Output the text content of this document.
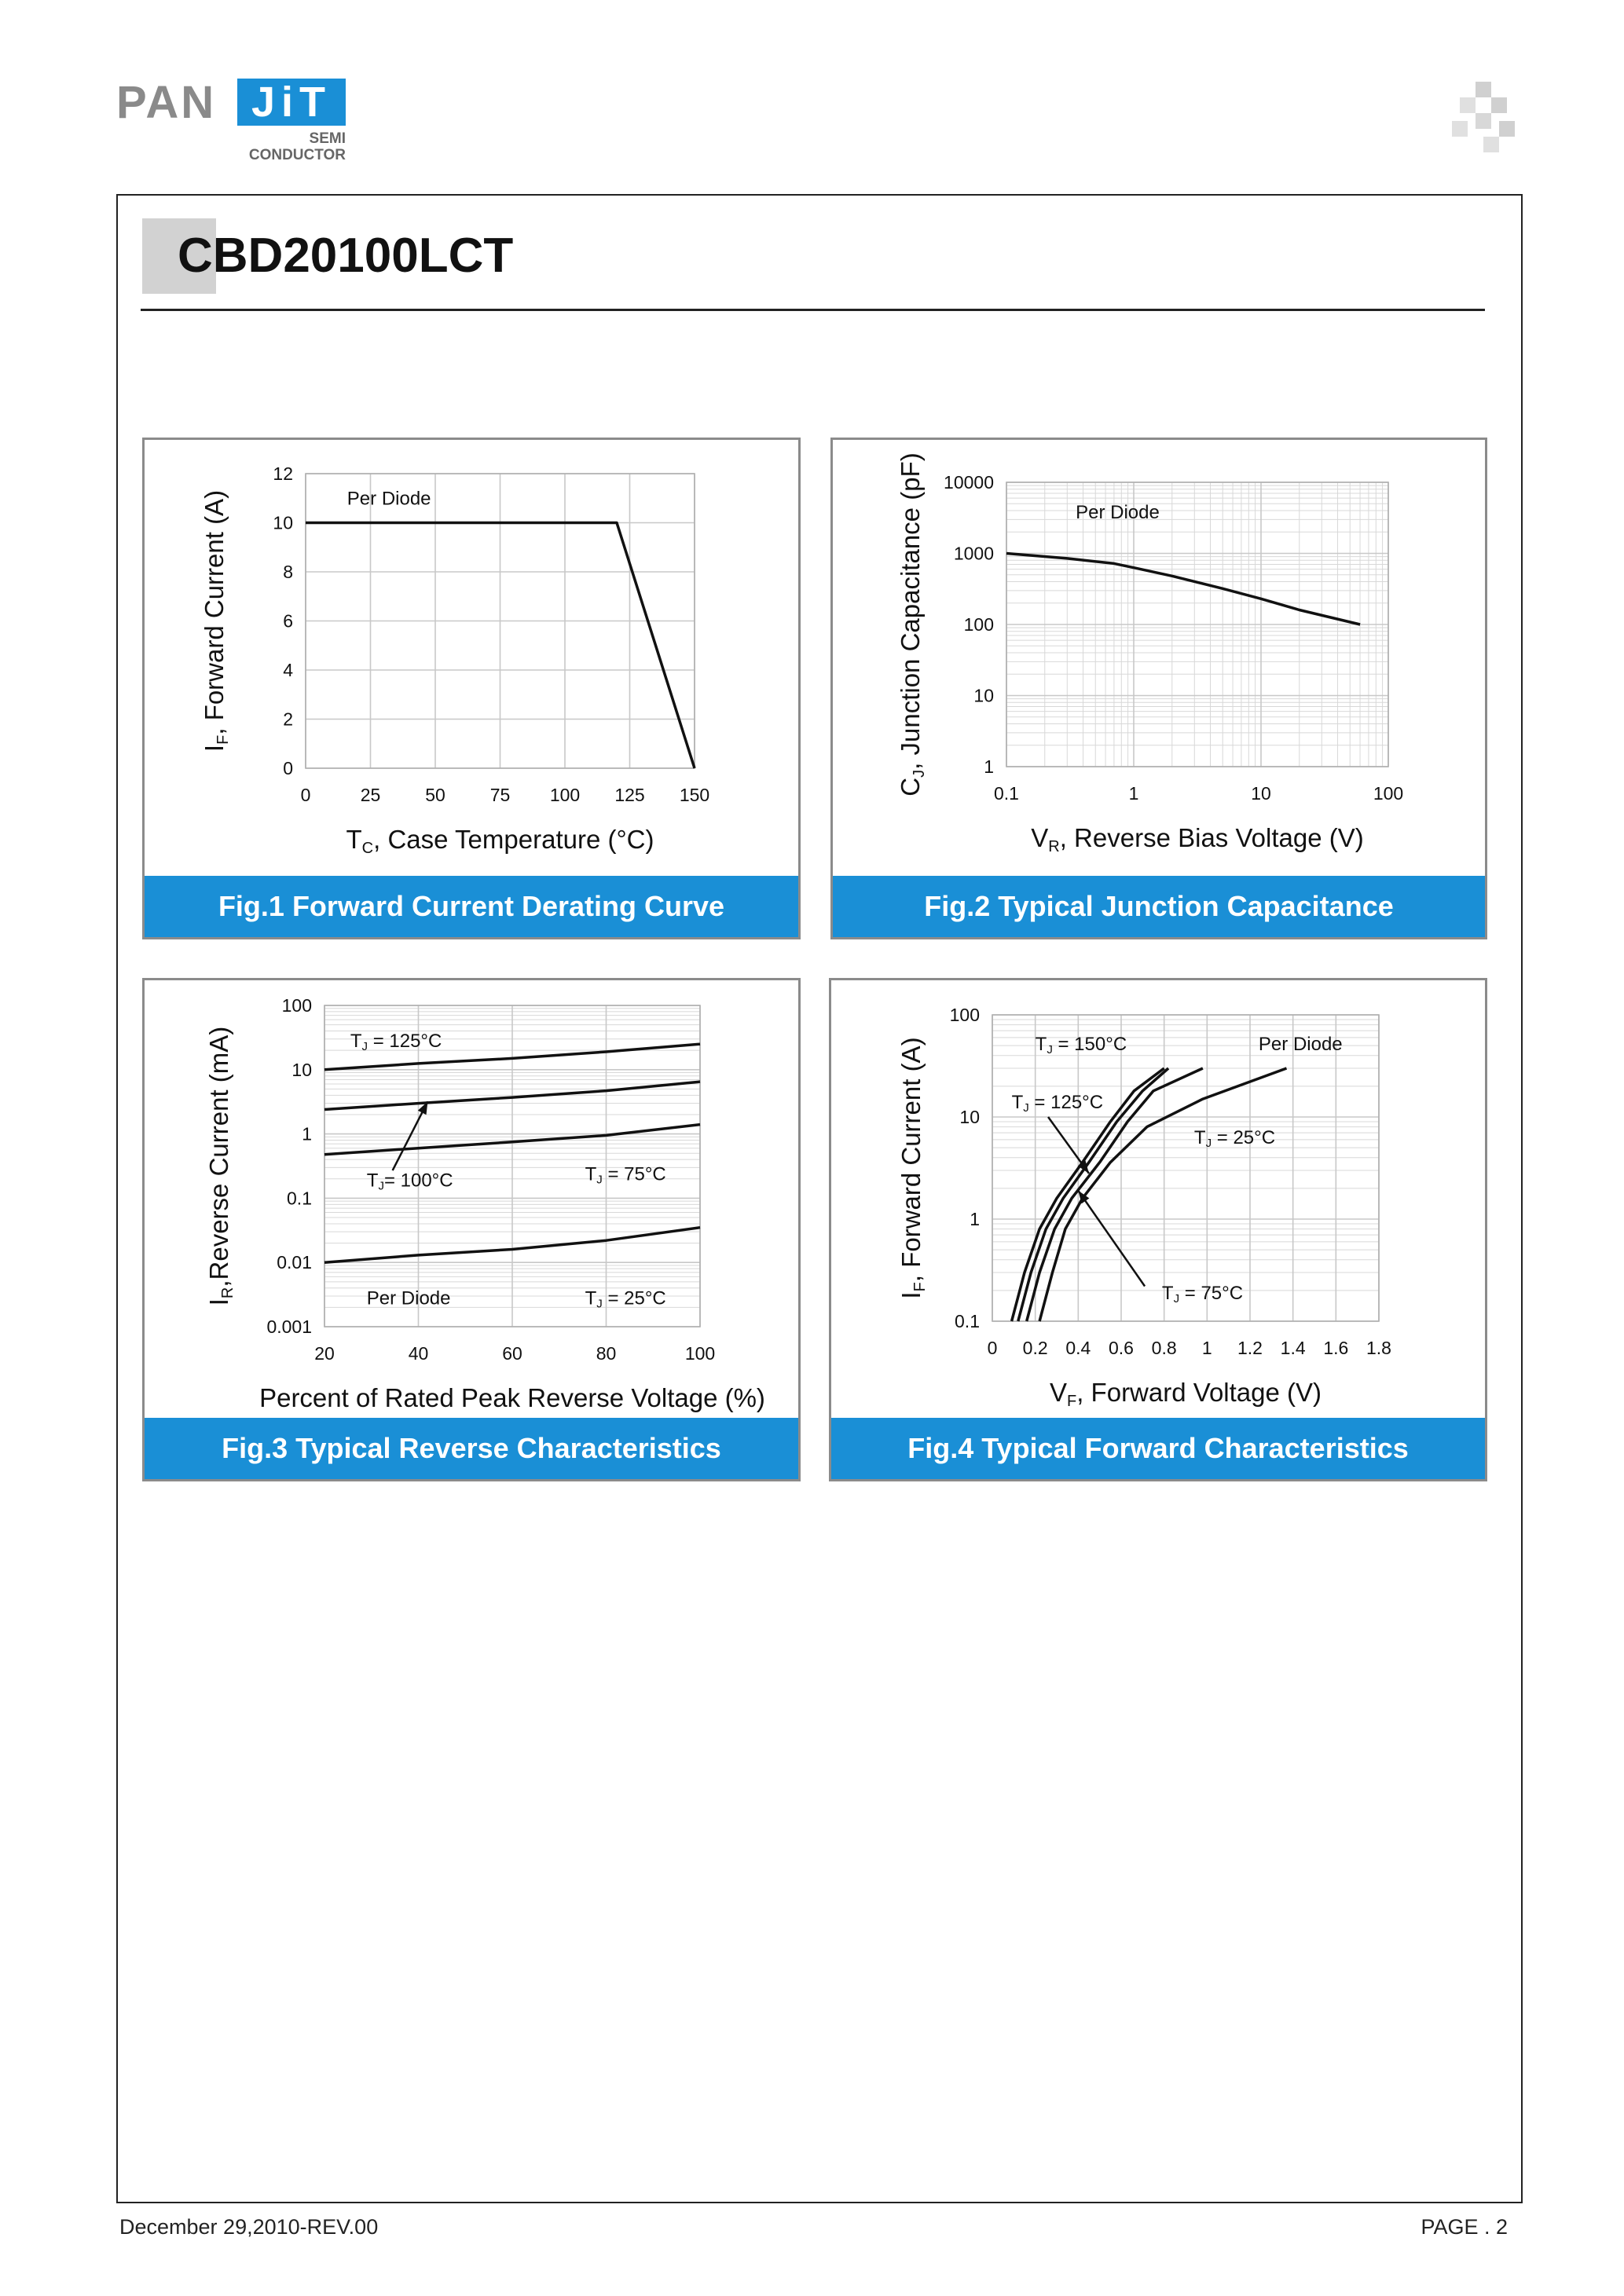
PAN JiT
SEMI
CONDUCTOR
CBD20100LCT
0	25 50 75 100 125 150
0
2
4
6
8
10
12
Per Diode
TC, Case Temperature (°C)
IF, Forward Current (A)
Fig.1 Forward Current Derating Curve
0.1	1	10	100
1
10
100
1000
10000
Per Diode
VR, Reverse Bias Voltage (V)
CJ, Junction Capacitance (pF)
Fig.2 Typical Junction Capacitance
20	40	60	80	100
0.001
0.01
0.1
1
10
100
Per Diode
TJ = 125°C
TJ= 100°C	TJ = 75°C
TJ = 25°C
Percent of Rated Peak Reverse Voltage (%)
IR,Reverse Current (mA)
Fig.3 Typical Reverse Characteristics
0 0.2 0.4 0.6 0.8 1 1.2 1.4 1.6 1.8
0.1
1
10
100
Per Diode
TJ = 150°C
TJ = 125°C
TJ = 25°C
TJ = 75°C
VF, Forward Voltage (V)
IF, Forward Current (A)
Fig.4 Typical Forward Characteristics
December 29,2010-REV.00	PAGE . 2
